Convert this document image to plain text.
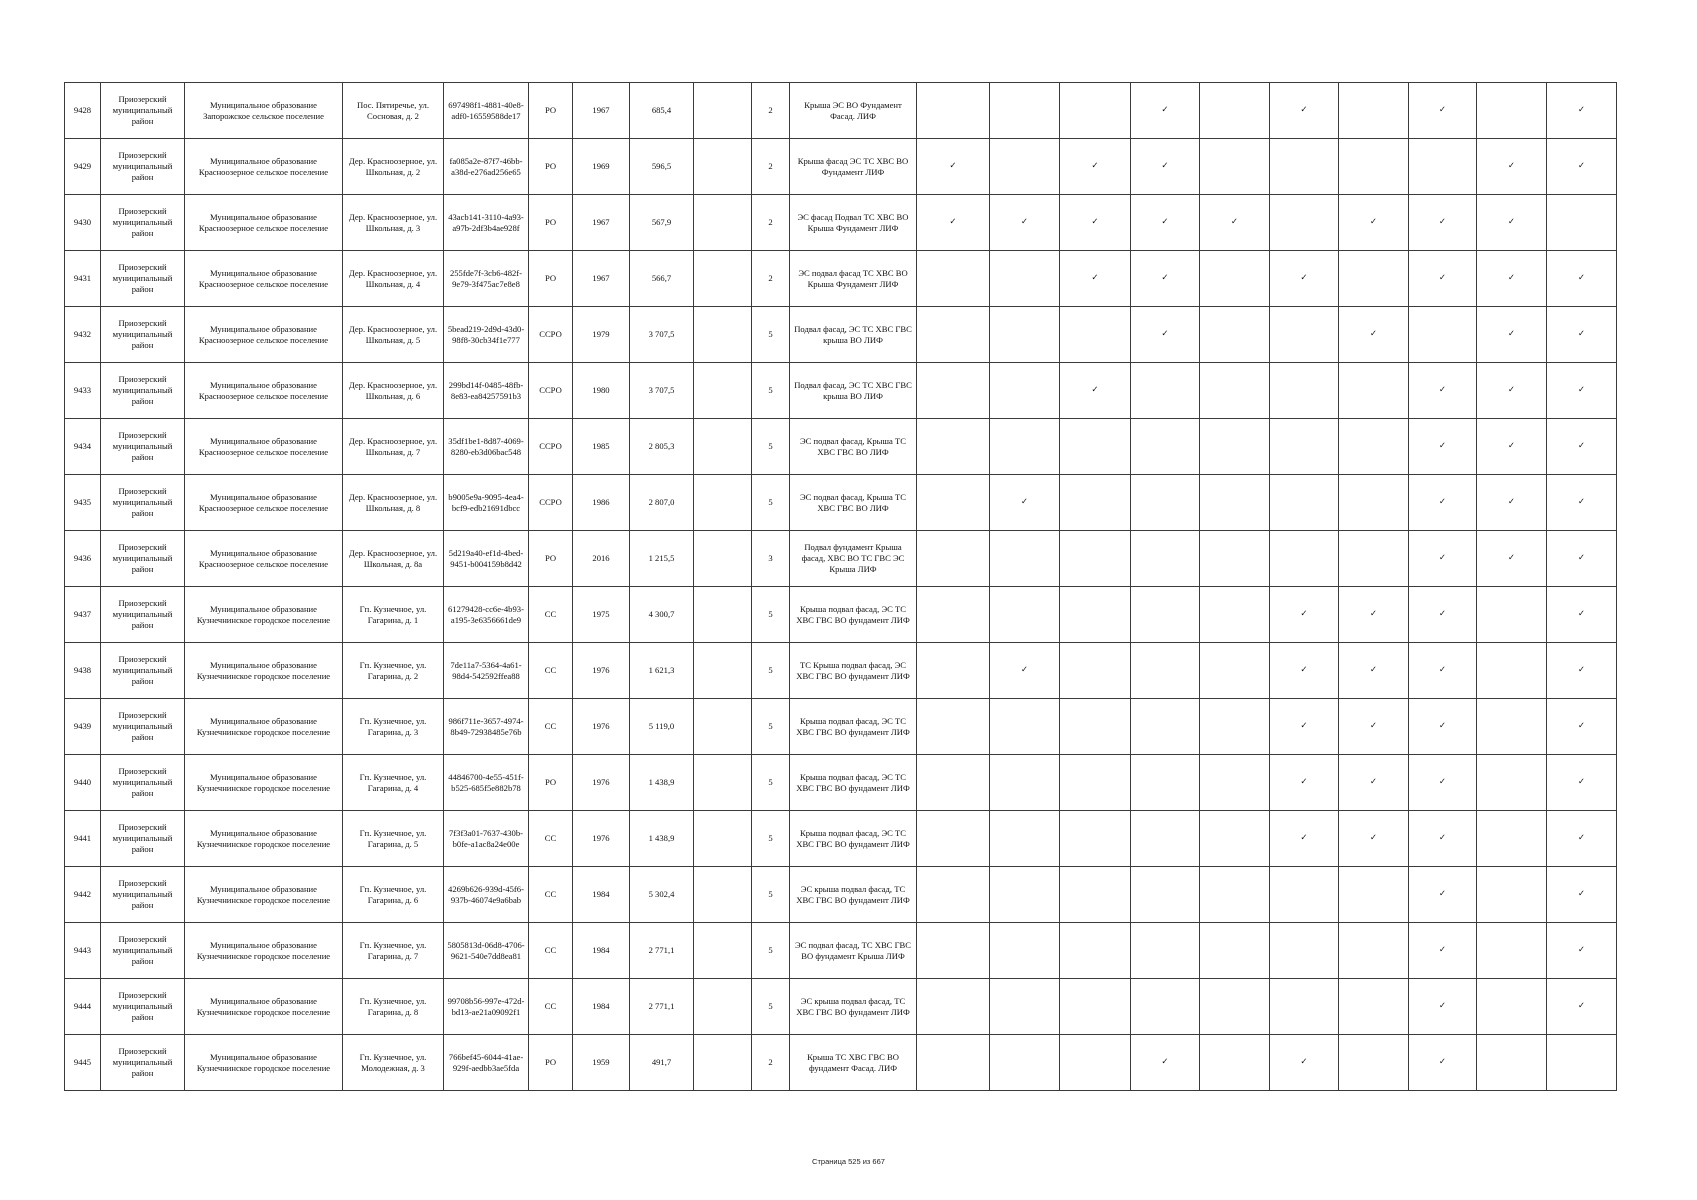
9428	Приозерский муниципальный район	Муниципальное образование Запорожское сельское поселение	Пос. Пятиречье, ул. Сосновая, д. 2	697498f1-4881-40e8-adf0-16559588de17	РО	1967	685,4		2	Крыша ЭС ВО Фундамент Фасад. ЛИФ				✓		✓		✓		✓
9429	Приозерский муниципальный район	Муниципальное образование Красноозерное сельское поселение	Дер. Красноозерное, ул. Школьная, д. 2	fa085a2e-87f7-46bb-a38d-e276ad256e65	РО	1969	596,5		2	Крыша фасад ЭС ТС ХВС ВО Фундамент ЛИФ	✓		✓	✓					✓	✓
9430	Приозерский муниципальный район	Муниципальное образование Красноозерное сельское поселение	Дер. Красноозерное, ул. Школьная, д. 3	43acb141-3110-4a93-a97b-2df3b4ae928f	РО	1967	567,9		2	ЭС фасад Подвал ТС ХВС ВО Крыша Фундамент ЛИФ	✓	✓	✓	✓	✓		✓	✓	✓	
9431	Приозерский муниципальный район	Муниципальное образование Красноозерное сельское поселение	Дер. Красноозерное, ул. Школьная, д. 4	255fde7f-3cb6-482f-9e79-3f475ac7e8e8	РО	1967	566,7		2	ЭС подвал фасад ТС ХВС ВО Крыша Фундамент ЛИФ			✓	✓		✓		✓	✓	✓
9432	Приозерский муниципальный район	Муниципальное образование Красноозерное сельское поселение	Дер. Красноозерное, ул. Школьная, д. 5	5bead219-2d9d-43d0-98f8-30cb34f1e777	ССРО	1979	3 707,5		5	Подвал фасад, ЭС ТС ХВС ГВС крыша ВО ЛИФ				✓			✓		✓	✓
9433	Приозерский муниципальный район	Муниципальное образование Красноозерное сельское поселение	Дер. Красноозерное, ул. Школьная, д. 6	299bd14f-0485-48fb-8e83-ea84257591b3	ССРО	1980	3 707,5		5	Подвал фасад, ЭС ТС ХВС ГВС крыша ВО ЛИФ			✓					✓	✓	✓
9434	Приозерский муниципальный район	Муниципальное образование Красноозерное сельское поселение	Дер. Красноозерное, ул. Школьная, д. 7	35df1be1-8d87-4069-8280-eb3d06bac548	ССРО	1985	2 805,3		5	ЭС подвал фасад, Крыша ТС ХВС ГВС ВО ЛИФ								✓	✓	✓
9435	Приозерский муниципальный район	Муниципальное образование Красноозерное сельское поселение	Дер. Красноозерное, ул. Школьная, д. 8	b9005e9a-9095-4ea4-bcf9-edb21691dbcc	ССРО	1986	2 807,0		5	ЭС подвал фасад, Крыша ТС ХВС ГВС ВО ЛИФ		✓						✓	✓	✓
9436	Приозерский муниципальный район	Муниципальное образование Красноозерное сельское поселение	Дер. Красноозерное, ул. Школьная, д. 8а	5d219a40-ef1d-4bed-9451-b004159b8d42	РО	2016	1 215,5		3	Подвал фундамент Крыша фасад, ХВС ВО ТС ГВС ЭС Крыша ЛИФ								✓	✓	✓
9437	Приозерский муниципальный район	Муниципальное образование Кузнечнинское городское поселение	Гп. Кузнечное, ул. Гагарина, д. 1	61279428-cc6e-4b93-a195-3e6356661de9	СС	1975	4 300,7		5	Крыша подвал фасад, ЭС ТС ХВС ГВС ВО фундамент ЛИФ						✓	✓	✓		✓
9438	Приозерский муниципальный район	Муниципальное образование Кузнечнинское городское поселение	Гп. Кузнечное, ул. Гагарина, д. 2	7de11a7-5364-4a61-98d4-542592ffea88	СС	1976	1 621,3		5	ТС Крыша подвал фасад, ЭС ХВС ГВС ВО фундамент ЛИФ		✓				✓	✓	✓		✓
9439	Приозерский муниципальный район	Муниципальное образование Кузнечнинское городское поселение	Гп. Кузнечное, ул. Гагарина, д. 3	986f711e-3657-4974-8b49-72938485e76b	СС	1976	5 119,0		5	Крыша подвал фасад, ЭС ТС ХВС ГВС ВО фундамент ЛИФ						✓	✓	✓		✓
9440	Приозерский муниципальный район	Муниципальное образование Кузнечнинское городское поселение	Гп. Кузнечное, ул. Гагарина, д. 4	44846700-4e55-451f-b525-685f5e882b78	РО	1976	1 438,9		5	Крыша подвал фасад, ЭС ТС ХВС ГВС ВО фундамент ЛИФ						✓	✓	✓		✓
9441	Приозерский муниципальный район	Муниципальное образование Кузнечнинское городское поселение	Гп. Кузнечное, ул. Гагарина, д. 5	7f3f3a01-7637-430b-b0fe-a1ac8a24e00e	СС	1976	1 438,9		5	Крыша подвал фасад, ЭС ТС ХВС ГВС ВО фундамент ЛИФ						✓	✓	✓		✓
9442	Приозерский муниципальный район	Муниципальное образование Кузнечнинское городское поселение	Гп. Кузнечное, ул. Гагарина, д. 6	4269b626-939d-45f6-937b-46074e9a6bab	СС	1984	5 302,4		5	ЭС крыша подвал фасад, ТС ХВС ГВС ВО фундамент ЛИФ								✓		✓
9443	Приозерский муниципальный район	Муниципальное образование Кузнечнинское городское поселение	Гп. Кузнечное, ул. Гагарина, д. 7	5805813d-06d8-4706-9621-540e7dd8ea81	СС	1984	2 771,1		5	ЭС подвал фасад, ТС ХВС ГВС ВО фундамент Крыша ЛИФ								✓		✓
9444	Приозерский муниципальный район	Муниципальное образование Кузнечнинское городское поселение	Гп. Кузнечное, ул. Гагарина, д. 8	99708b56-997e-472d-bd13-ae21a09092f1	СС	1984	2 771,1		5	ЭС крыша подвал фасад, ТС ХВС ГВС ВО фундамент ЛИФ								✓		✓
9445	Приозерский муниципальный район	Муниципальное образование Кузнечнинское городское поселение	Гп. Кузнечное, ул. Молодежная, д. 3	766bef45-6044-41ae-929f-aedbb3ae5fda	РО	1959	491,7		2	Крыша ТС ХВС ГВС ВО фундамент Фасад. ЛИФ				✓		✓		✓		
Страница 525 из 667
